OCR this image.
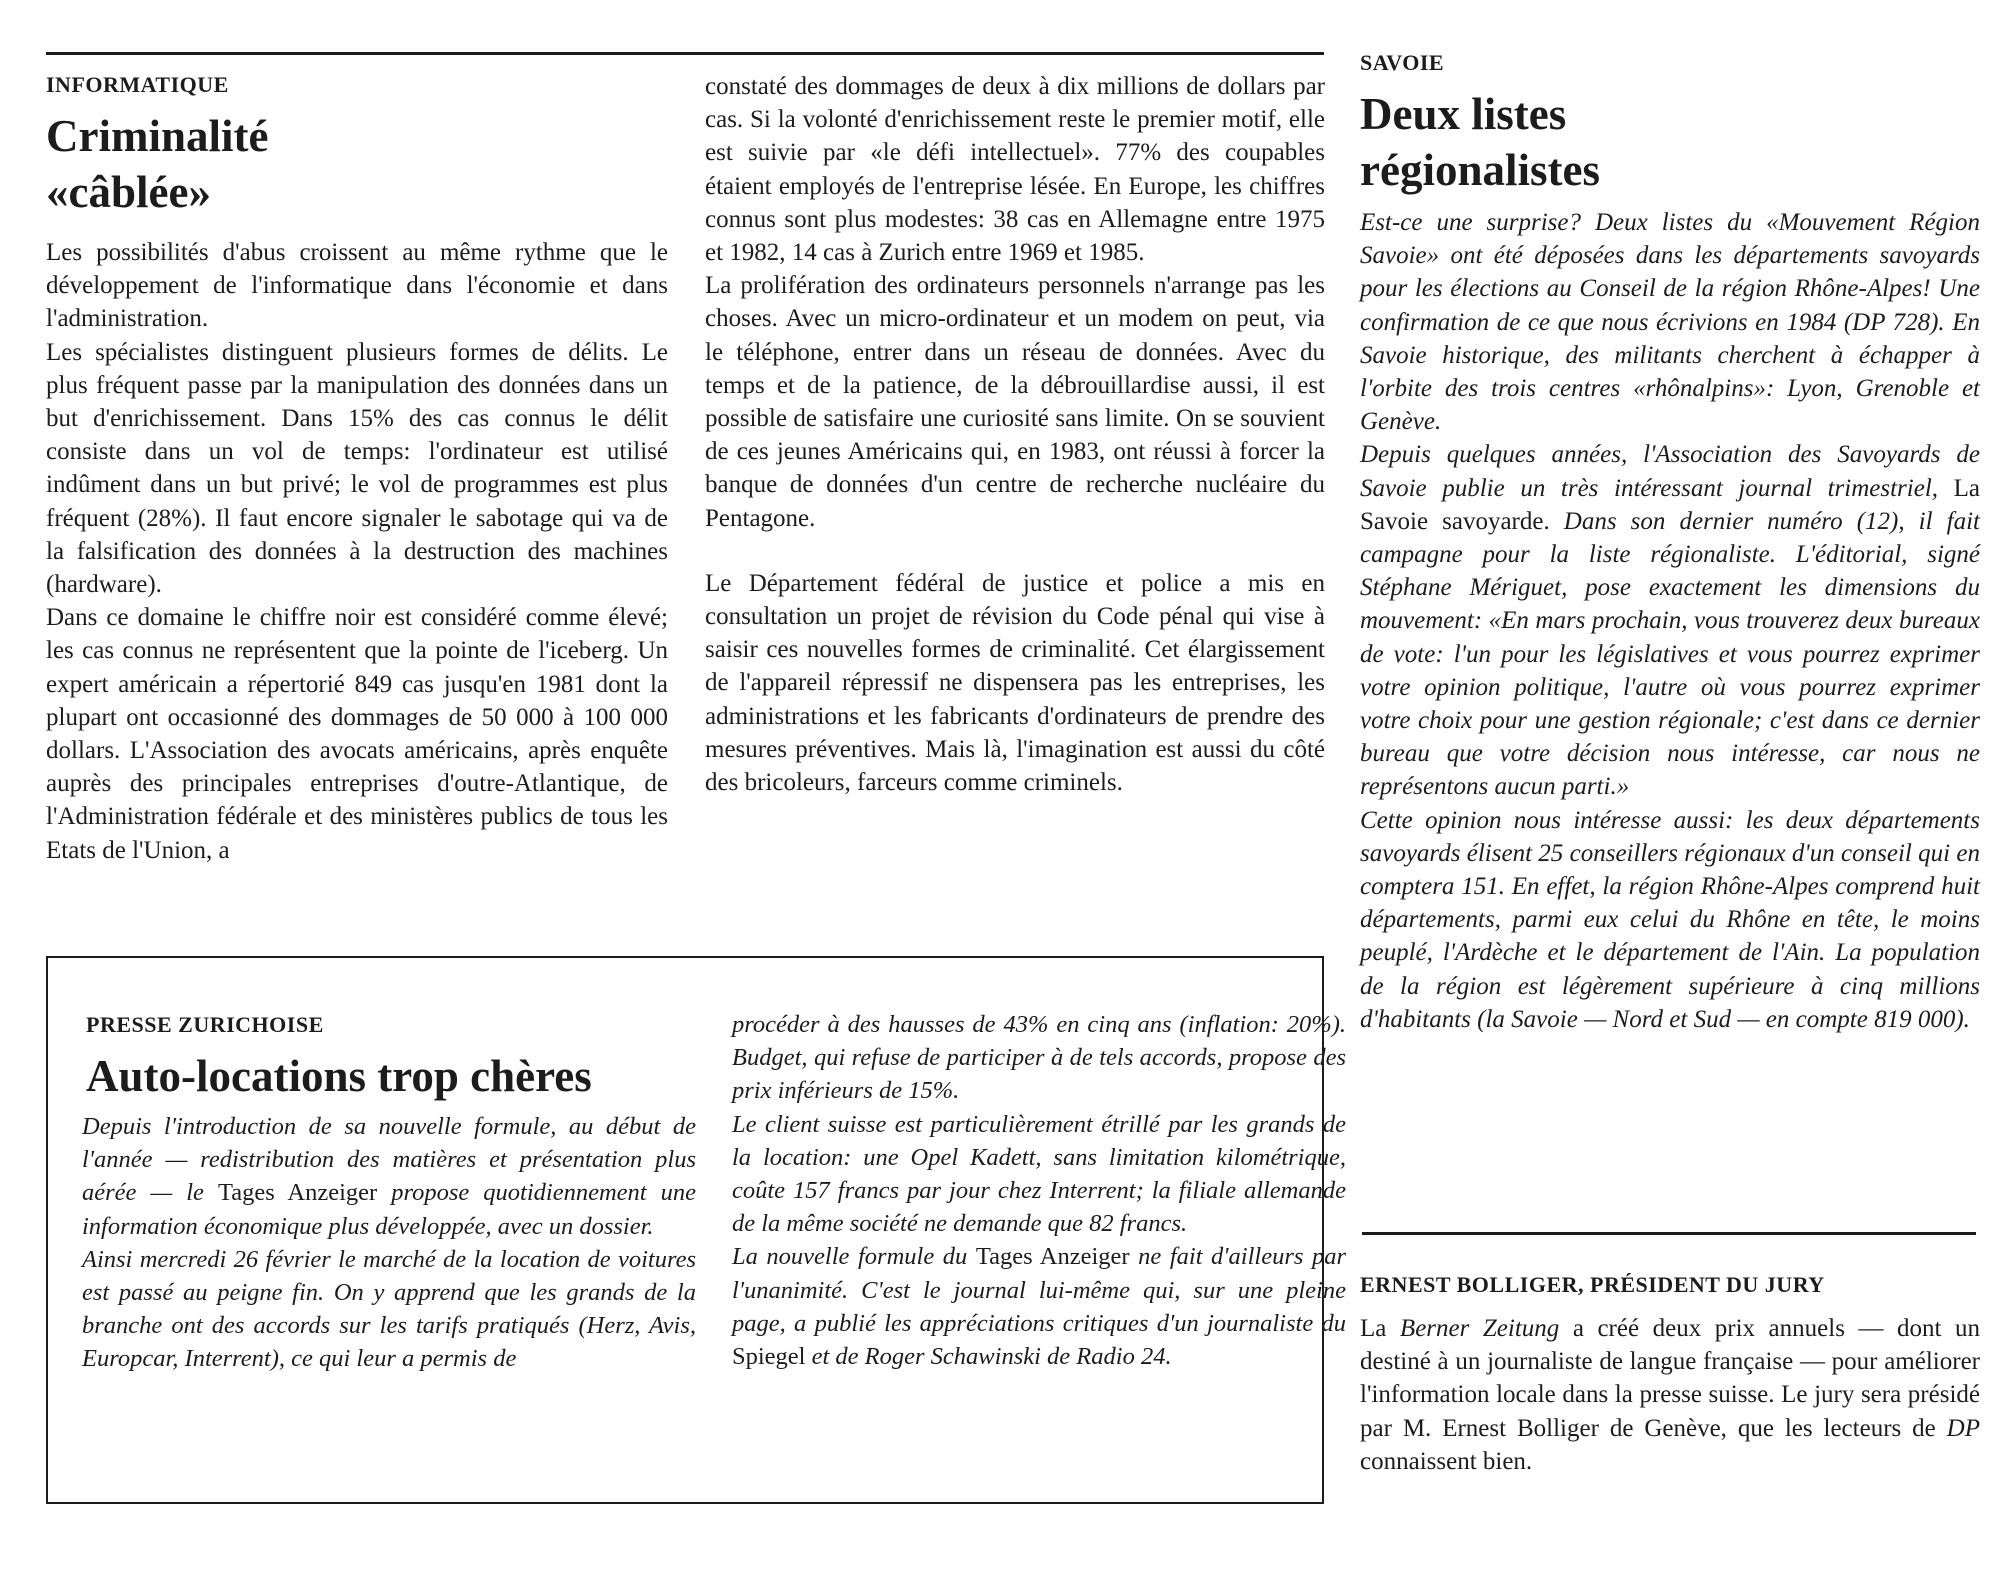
INFORMATIQUE
Criminalité
«câblée»

Les possibilités d'abus croissent au même rythme que le développement de l'informatique dans l'économie et dans l'administration.

Les spécialistes distinguent plusieurs formes de délits. Le plus fréquent passe par la manipulation des données dans un but d'enrichissement. Dans 15% des cas connus le délit consiste dans un vol de temps: l'ordinateur est utilisé indûment dans un but privé; le vol de programmes est plus fréquent (28%). Il faut encore signaler le sabotage qui va de la falsification des données à la destruction des machines (hardware).

Dans ce domaine le chiffre noir est considéré comme élevé; les cas connus ne représentent que la pointe de l'iceberg. Un expert américain a répertorié 849 cas jusqu'en 1981 dont la plupart ont occasionné des dommages de 50 000 à 100 000 dollars. L'Association des avocats américains, après enquête auprès des principales entreprises d'outre-Atlantique, de l'Administration fédérale et des ministères publics de tous les Etats de l'Union, a

constaté des dommages de deux à dix millions de dollars par cas. Si la volonté d'enrichissement reste le premier motif, elle est suivie par «le défi intellectuel». 77% des coupables étaient employés de l'entreprise lésée. En Europe, les chiffres connus sont plus modestes: 38 cas en Allemagne entre 1975 et 1982, 14 cas à Zurich entre 1969 et 1985.

La prolifération des ordinateurs personnels n'arrange pas les choses. Avec un micro-ordinateur et un modem on peut, via le téléphone, entrer dans un réseau de données. Avec du temps et de la patience, de la débrouillardise aussi, il est possible de satisfaire une curiosité sans limite. On se souvient de ces jeunes Américains qui, en 1983, ont réussi à forcer la banque de données d'un centre de recherche nucléaire du Pentagone.

Le Département fédéral de justice et police a mis en consultation un projet de révision du Code pénal qui vise à saisir ces nouvelles formes de criminalité. Cet élargissement de l'appareil répressif ne dispensera pas les entreprises, les administrations et les fabricants d'ordinateurs de prendre des mesures préventives. Mais là, l'imagination est aussi du côté des bricoleurs, farceurs comme criminels.

PRESSE ZURICHOISE
Auto-locations trop chères

Depuis l'introduction de sa nouvelle formule, au début de l'année — redistribution des matières et présentation plus aérée — le Tages Anzeiger propose quotidiennement une information économique plus développée, avec un dossier.

Ainsi mercredi 26 février le marché de la location de voitures est passé au peigne fin. On y apprend que les grands de la branche ont des accords sur les tarifs pratiqués (Herz, Avis, Europcar, Interrent), ce qui leur a permis de

procéder à des hausses de 43% en cinq ans (inflation: 20%). Budget, qui refuse de participer à de tels accords, propose des prix inférieurs de 15%.

Le client suisse est particulièrement étrillé par les grands de la location: une Opel Kadett, sans limitation kilométrique, coûte 157 francs par jour chez Interrent; la filiale allemande de la même société ne demande que 82 francs.

La nouvelle formule du Tages Anzeiger ne fait d'ailleurs par l'unanimité. C'est le journal lui-même qui, sur une pleine page, a publié les appréciations critiques d'un journaliste du Spiegel et de Roger Schawinski de Radio 24.

SAVOIE
Deux listes
régionalistes

Est-ce une surprise? Deux listes du «Mouvement Région Savoie» ont été déposées dans les départements savoyards pour les élections au Conseil de la région Rhône-Alpes! Une confirmation de ce que nous écrivions en 1984 (DP 728). En Savoie historique, des militants cherchent à échapper à l'orbite des trois centres «rhônalpins»: Lyon, Grenoble et Genève.

Depuis quelques années, l'Association des Savoyards de Savoie publie un très intéressant journal trimestriel, La Savoie savoyarde. Dans son dernier numéro (12), il fait campagne pour la liste régionaliste. L'éditorial, signé Stéphane Mériguet, pose exactement les dimensions du mouvement: «En mars prochain, vous trouverez deux bureaux de vote: l'un pour les législatives et vous pourrez exprimer votre opinion politique, l'autre où vous pourrez exprimer votre choix pour une gestion régionale; c'est dans ce dernier bureau que votre décision nous intéresse, car nous ne représentons aucun parti.»

Cette opinion nous intéresse aussi: les deux départements savoyards élisent 25 conseillers régionaux d'un conseil qui en comptera 151. En effet, la région Rhône-Alpes comprend huit départements, parmi eux celui du Rhône en tête, le moins peuplé, l'Ardèche et le département de l'Ain. La population de la région est légèrement supérieure à cinq millions d'habitants (la Savoie — Nord et Sud — en compte 819 000).

ERNEST BOLLIGER, PRÉSIDENT DU JURY

La Berner Zeitung a créé deux prix annuels — dont un destiné à un journaliste de langue française — pour améliorer l'information locale dans la presse suisse. Le jury sera présidé par M. Ernest Bolliger de Genève, que les lecteurs de DP connaissent bien.
